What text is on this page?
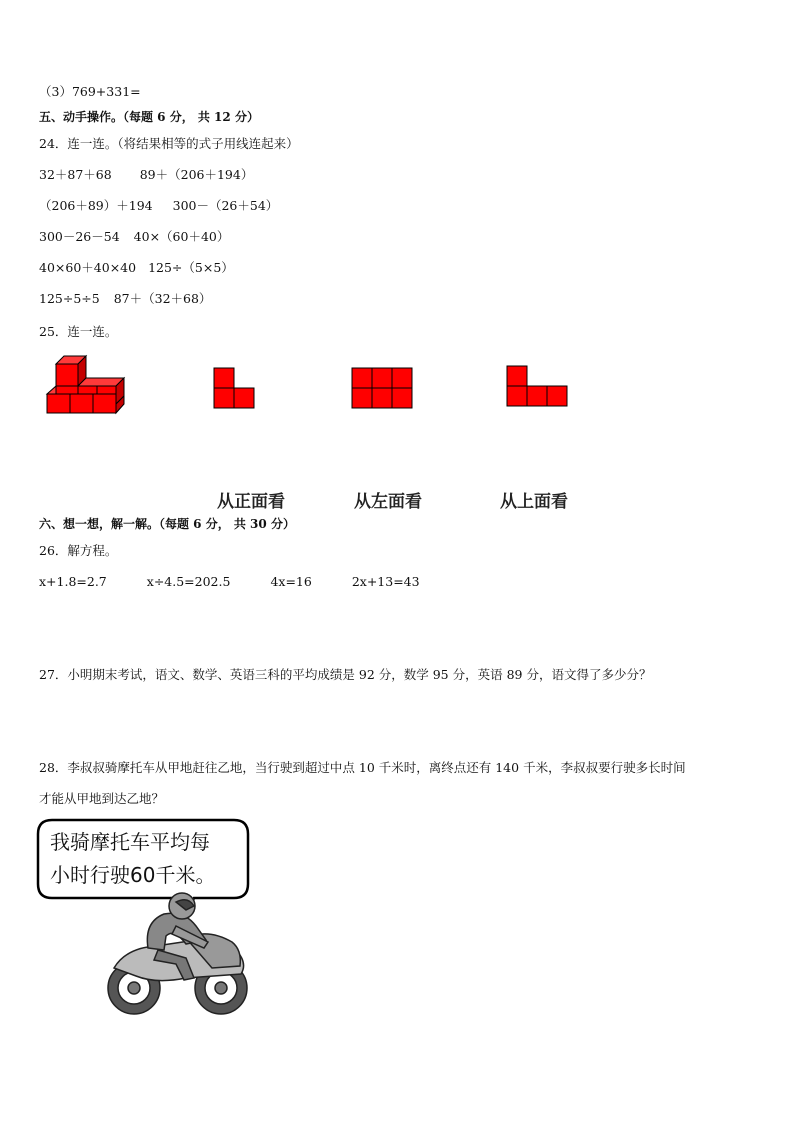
（3）769+331=
五、动手操作。（每题 6 分， 共 12 分）
24．连一连。（将结果相等的式子用线连起来）
32＋87＋68 89＋（206＋194）
（206＋89）＋194 300－（26＋54）
300－26－54 40×（60＋40）
40×60＋40×40 125÷（5×5）
125÷5÷5 87＋（32＋68）
25．连一连。
从正面看	从左面看	从上面看
六、想一想，解一解。（每题 6 分， 共 30 分）
26．解方程。
x+1.8=2.7	x÷4.5=202.5	4x=16	2x+13=43
27．小明期末考试，语文、数学、英语三科的平均成绩是 92 分，数学 95 分，英语 89 分，语文得了多少分？
28．李叔叔骑摩托车从甲地赶往乙地，当行驶到超过中点 10 千米时，离终点还有 140 千米，李叔叔要行驶多长时间
才能从甲地到达乙地？
我骑摩托车平均每
小时行驶60千米。
